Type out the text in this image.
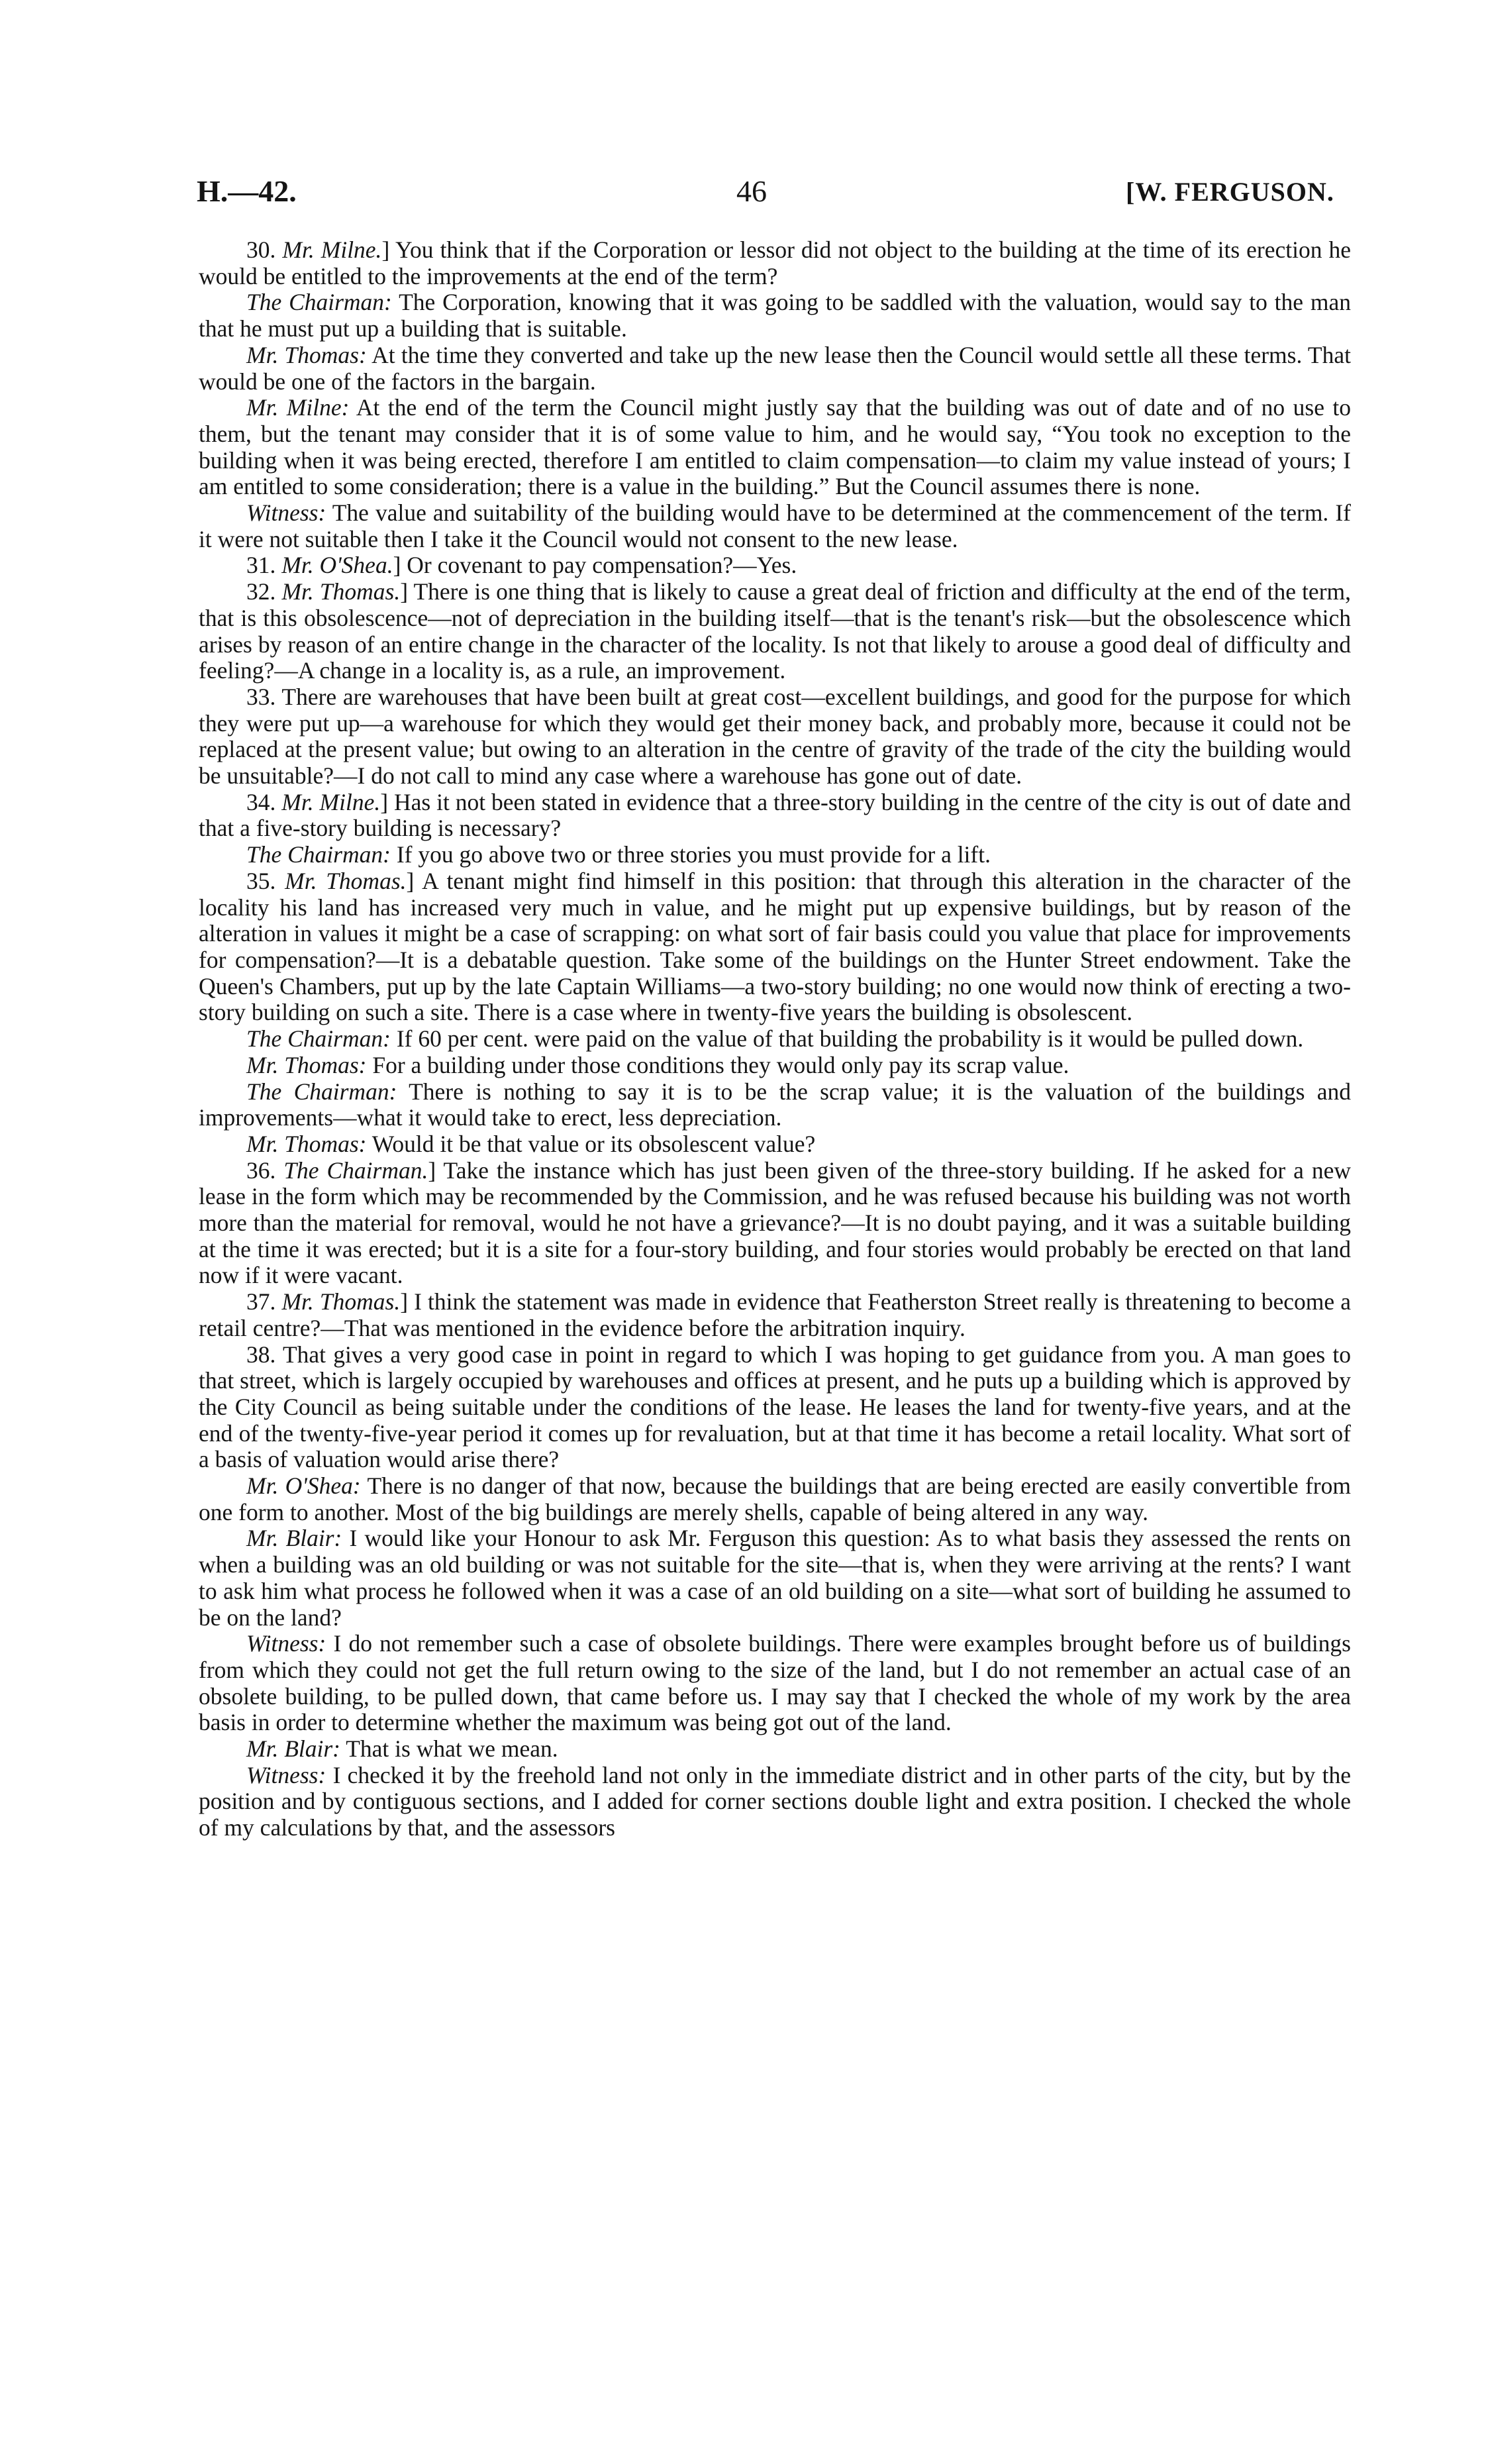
H.—42.	46	[W. FERGUSON.

30. Mr. Milne.] You think that if the Corporation or lessor did not object to the building at the time of its erection he would be entitled to the improvements at the end of the term?

The Chairman: The Corporation, knowing that it was going to be saddled with the valuation, would say to the man that he must put up a building that is suitable.

Mr. Thomas: At the time they converted and take up the new lease then the Council would settle all these terms. That would be one of the factors in the bargain.

Mr. Milne: At the end of the term the Council might justly say that the building was out of date and of no use to them, but the tenant may consider that it is of some value to him, and he would say, “You took no exception to the building when it was being erected, therefore I am entitled to claim compensation—to claim my value instead of yours; I am entitled to some consideration; there is a value in the building.” But the Council assumes there is none.

Witness: The value and suitability of the building would have to be determined at the commencement of the term. If it were not suitable then I take it the Council would not consent to the new lease.

31. Mr. O'Shea.] Or covenant to pay compensation?—Yes.

32. Mr. Thomas.] There is one thing that is likely to cause a great deal of friction and difficulty at the end of the term, that is this obsolescence—not of depreciation in the building itself—that is the tenant's risk—but the obsolescence which arises by reason of an entire change in the character of the locality. Is not that likely to arouse a good deal of difficulty and feeling?—A change in a locality is, as a rule, an improvement.

33. There are warehouses that have been built at great cost—excellent buildings, and good for the purpose for which they were put up—a warehouse for which they would get their money back, and probably more, because it could not be replaced at the present value; but owing to an alteration in the centre of gravity of the trade of the city the building would be unsuitable?—I do not call to mind any case where a warehouse has gone out of date.

34. Mr. Milne.] Has it not been stated in evidence that a three-story building in the centre of the city is out of date and that a five-story building is necessary?

The Chairman: If you go above two or three stories you must provide for a lift.

35. Mr. Thomas.] A tenant might find himself in this position: that through this alteration in the character of the locality his land has increased very much in value, and he might put up expensive buildings, but by reason of the alteration in values it might be a case of scrapping: on what sort of fair basis could you value that place for improvements for compensation?—It is a debatable question. Take some of the buildings on the Hunter Street endowment. Take the Queen's Chambers, put up by the late Captain Williams—a two-story building; no one would now think of erecting a two-story building on such a site. There is a case where in twenty-five years the building is obsolescent.

The Chairman: If 60 per cent. were paid on the value of that building the probability is it would be pulled down.

Mr. Thomas: For a building under those conditions they would only pay its scrap value.

The Chairman: There is nothing to say it is to be the scrap value; it is the valuation of the buildings and improvements—what it would take to erect, less depreciation.

Mr. Thomas: Would it be that value or its obsolescent value?

36. The Chairman.] Take the instance which has just been given of the three-story building. If he asked for a new lease in the form which may be recommended by the Commission, and he was refused because his building was not worth more than the material for removal, would he not have a grievance?—It is no doubt paying, and it was a suitable building at the time it was erected; but it is a site for a four-story building, and four stories would probably be erected on that land now if it were vacant.

37. Mr. Thomas.] I think the statement was made in evidence that Featherston Street really is threatening to become a retail centre?—That was mentioned in the evidence before the arbitration inquiry.

38. That gives a very good case in point in regard to which I was hoping to get guidance from you. A man goes to that street, which is largely occupied by warehouses and offices at present, and he puts up a building which is approved by the City Council as being suitable under the conditions of the lease. He leases the land for twenty-five years, and at the end of the twenty-five-year period it comes up for revaluation, but at that time it has become a retail locality. What sort of a basis of valuation would arise there?

Mr. O'Shea: There is no danger of that now, because the buildings that are being erected are easily convertible from one form to another. Most of the big buildings are merely shells, capable of being altered in any way.

Mr. Blair: I would like your Honour to ask Mr. Ferguson this question: As to what basis they assessed the rents on when a building was an old building or was not suitable for the site—that is, when they were arriving at the rents? I want to ask him what process he followed when it was a case of an old building on a site—what sort of building he assumed to be on the land?

Witness: I do not remember such a case of obsolete buildings. There were examples brought before us of buildings from which they could not get the full return owing to the size of the land, but I do not remember an actual case of an obsolete building, to be pulled down, that came before us. I may say that I checked the whole of my work by the area basis in order to determine whether the maximum was being got out of the land.

Mr. Blair: That is what we mean.

Witness: I checked it by the freehold land not only in the immediate district and in other parts of the city, but by the position and by contiguous sections, and I added for corner sections double light and extra position. I checked the whole of my calculations by that, and the assessors
